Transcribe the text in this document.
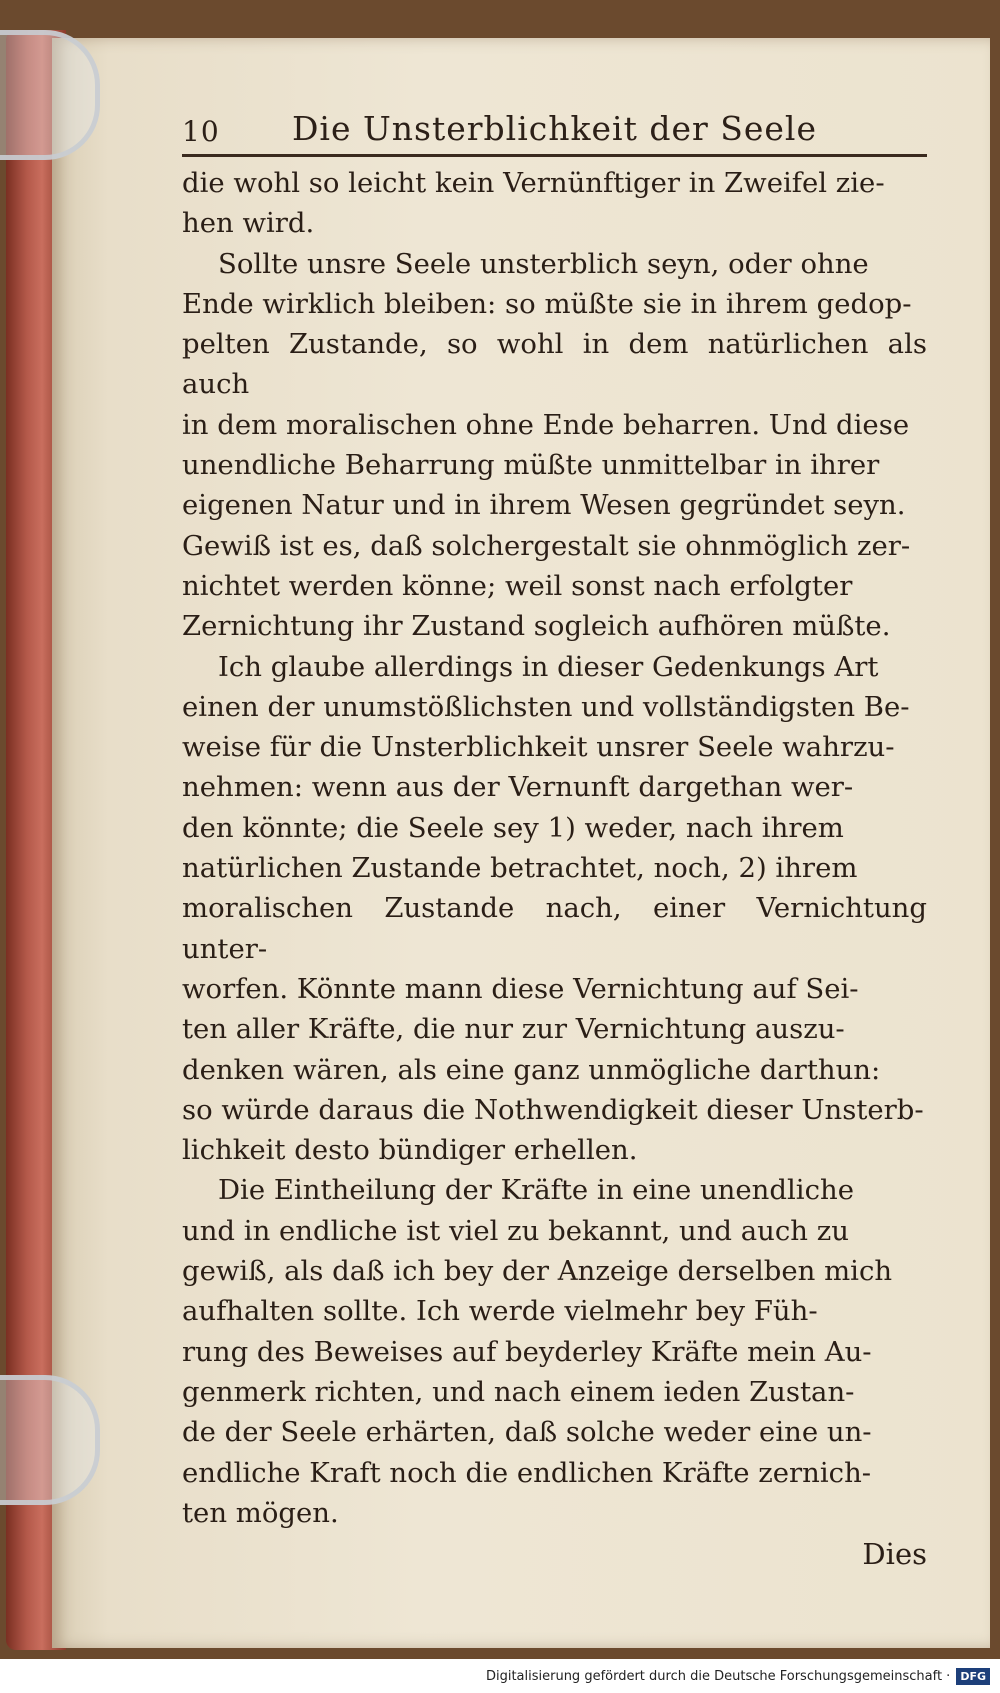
10	Die Unsterblichkeit der Seele
die wohl so leicht kein Vernünftiger in Zweifel zie-
hen wird.
Sollte unsre Seele unsterblich seyn, oder ohne
Ende wirklich bleiben: so müßte sie in ihrem gedop-
pelten Zustande, so wohl in dem natürlichen als auch
in dem moralischen ohne Ende beharren. Und diese
unendliche Beharrung müßte unmittelbar in ihrer
eigenen Natur und in ihrem Wesen gegründet seyn.
Gewiß ist es, daß solchergestalt sie ohnmöglich zer-
nichtet werden könne; weil sonst nach erfolgter
Zernichtung ihr Zustand sogleich aufhören müßte.
Ich glaube allerdings in dieser Gedenkungs Art
einen der unumstößlichsten und vollständigsten Be-
weise für die Unsterblichkeit unsrer Seele wahrzu-
nehmen: wenn aus der Vernunft dargethan wer-
den könnte; die Seele sey 1) weder, nach ihrem
natürlichen Zustande betrachtet, noch, 2) ihrem
moralischen Zustande nach, einer Vernichtung unter-
worfen. Könnte mann diese Vernichtung auf Sei-
ten aller Kräfte, die nur zur Vernichtung auszu-
denken wären, als eine ganz unmögliche darthun:
so würde daraus die Nothwendigkeit dieser Unsterb-
lichkeit desto bündiger erhellen.
Die Eintheilung der Kräfte in eine unendliche
und in endliche ist viel zu bekannt, und auch zu
gewiß, als daß ich bey der Anzeige derselben mich
aufhalten sollte. Ich werde vielmehr bey Füh-
rung des Beweises auf beyderley Kräfte mein Au-
genmerk richten, und nach einem ieden Zustan-
de der Seele erhärten, daß solche weder eine un-
endliche Kraft noch die endlichen Kräfte zernich-
ten mögen.
Dies
Digitalisierung gefördert durch die Deutsche Forschungsgemeinschaft · DFG
